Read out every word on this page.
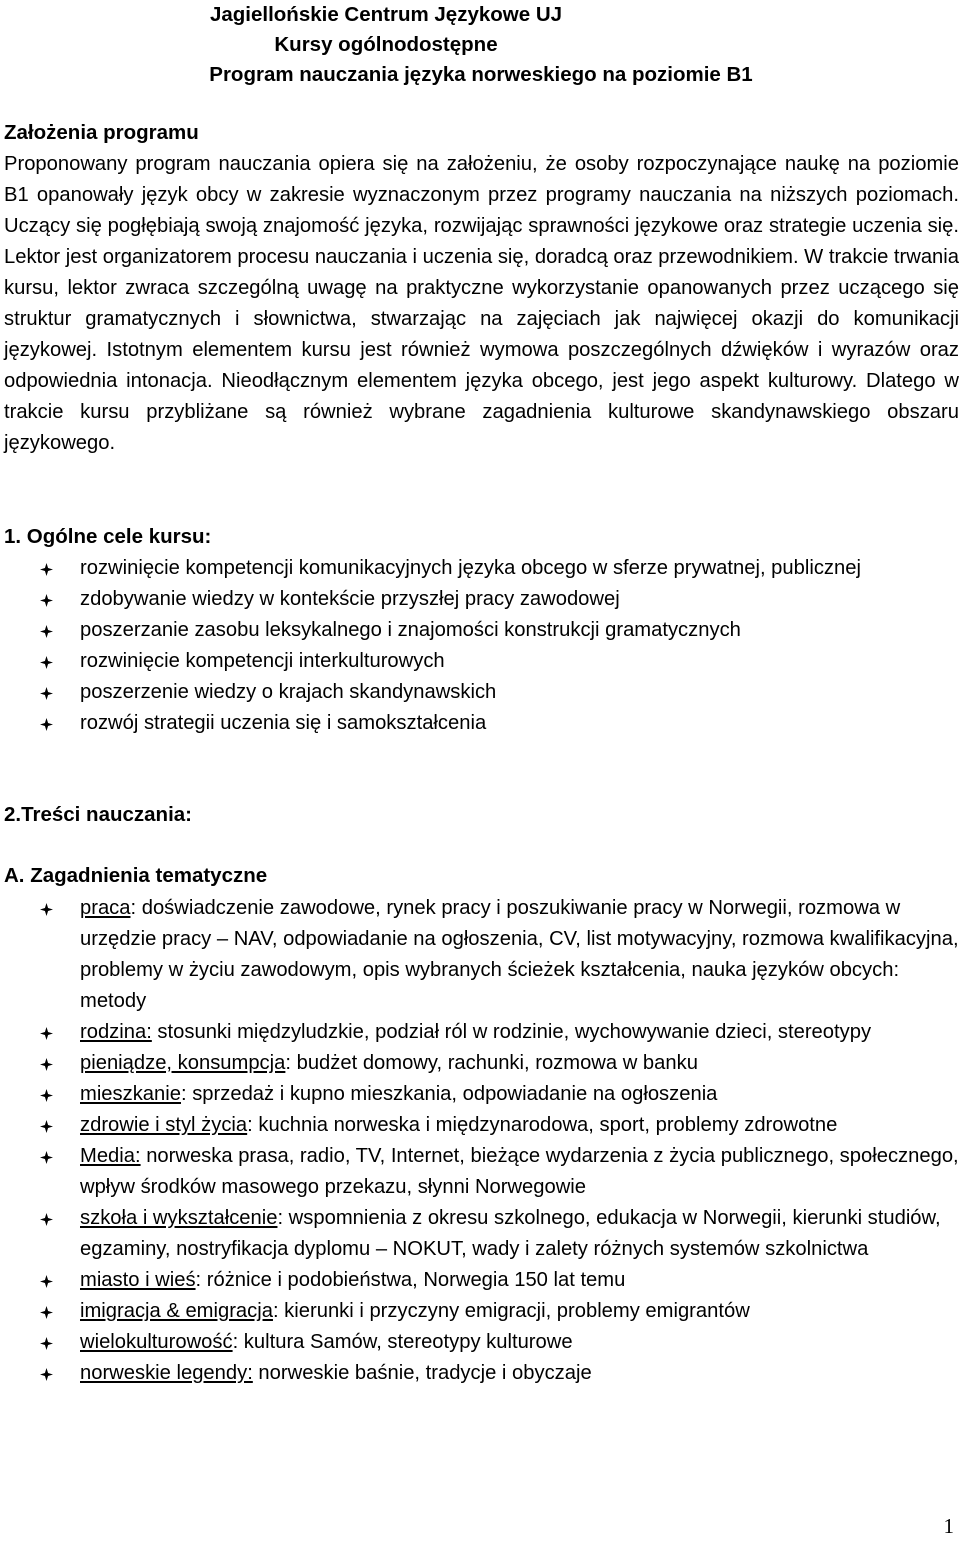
Jagiellońskie Centrum Językowe UJ
Kursy ogólnodostępne
Program nauczania języka norweskiego na poziomie B1
Założenia programu
Proponowany program nauczania opiera się na założeniu, że osoby rozpoczynające naukę na poziomie B1 opanowały język obcy w zakresie wyznaczonym przez programy nauczania na niższych poziomach. Uczący się pogłębiają swoją znajomość języka, rozwijając sprawności językowe oraz strategie uczenia się. Lektor jest organizatorem procesu nauczania i uczenia się, doradcą oraz przewodnikiem. W trakcie trwania kursu, lektor zwraca szczególną uwagę na praktyczne wykorzystanie opanowanych przez uczącego się struktur gramatycznych i słownictwa, stwarzając na zajęciach jak najwięcej okazji do komunikacji językowej. Istotnym elementem kursu jest również wymowa poszczególnych dźwięków i wyrazów oraz odpowiednia intonacja. Nieodłącznym elementem języka obcego, jest jego aspekt kulturowy. Dlatego w trakcie kursu przybliżane są również wybrane zagadnienia kulturowe skandynawskiego obszaru językowego.
1. Ogólne cele kursu:
rozwinięcie kompetencji komunikacyjnych języka obcego w sferze prywatnej, publicznej
zdobywanie wiedzy w kontekście przyszłej pracy zawodowej
poszerzanie zasobu leksykalnego i znajomości konstrukcji gramatycznych
rozwinięcie kompetencji interkulturowych
poszerzenie wiedzy o krajach skandynawskich
rozwój strategii uczenia się i samokształcenia
2.Treści nauczania:
A. Zagadnienia tematyczne
praca: doświadczenie zawodowe, rynek pracy i poszukiwanie pracy w Norwegii, rozmowa w urzędzie pracy – NAV, odpowiadanie na ogłoszenia, CV, list motywacyjny, rozmowa kwalifikacyjna, problemy w życiu zawodowym, opis wybranych ścieżek kształcenia, nauka języków obcych: metody
rodzina: stosunki międzyludzkie, podział ról w rodzinie, wychowywanie dzieci, stereotypy
pieniądze, konsumpcja: budżet domowy, rachunki, rozmowa w banku
mieszkanie: sprzedaż i kupno mieszkania, odpowiadanie na ogłoszenia
zdrowie i styl życia: kuchnia norweska i międzynarodowa, sport, problemy zdrowotne
Media: norweska prasa, radio, TV, Internet, bieżące wydarzenia z życia publicznego, społecznego, wpływ środków masowego przekazu, słynni Norwegowie
szkoła i wykształcenie: wspomnienia z okresu szkolnego, edukacja w Norwegii, kierunki studiów, egzaminy, nostryfikacja dyplomu – NOKUT, wady i zalety różnych systemów szkolnictwa
miasto i wieś: różnice i podobieństwa, Norwegia 150 lat temu
imigracja & emigracja: kierunki i przyczyny emigracji, problemy emigrantów
wielokulturowość: kultura Samów, stereotypy kulturowe
norweskie legendy: norweskie baśnie, tradycje i obyczaje
1
